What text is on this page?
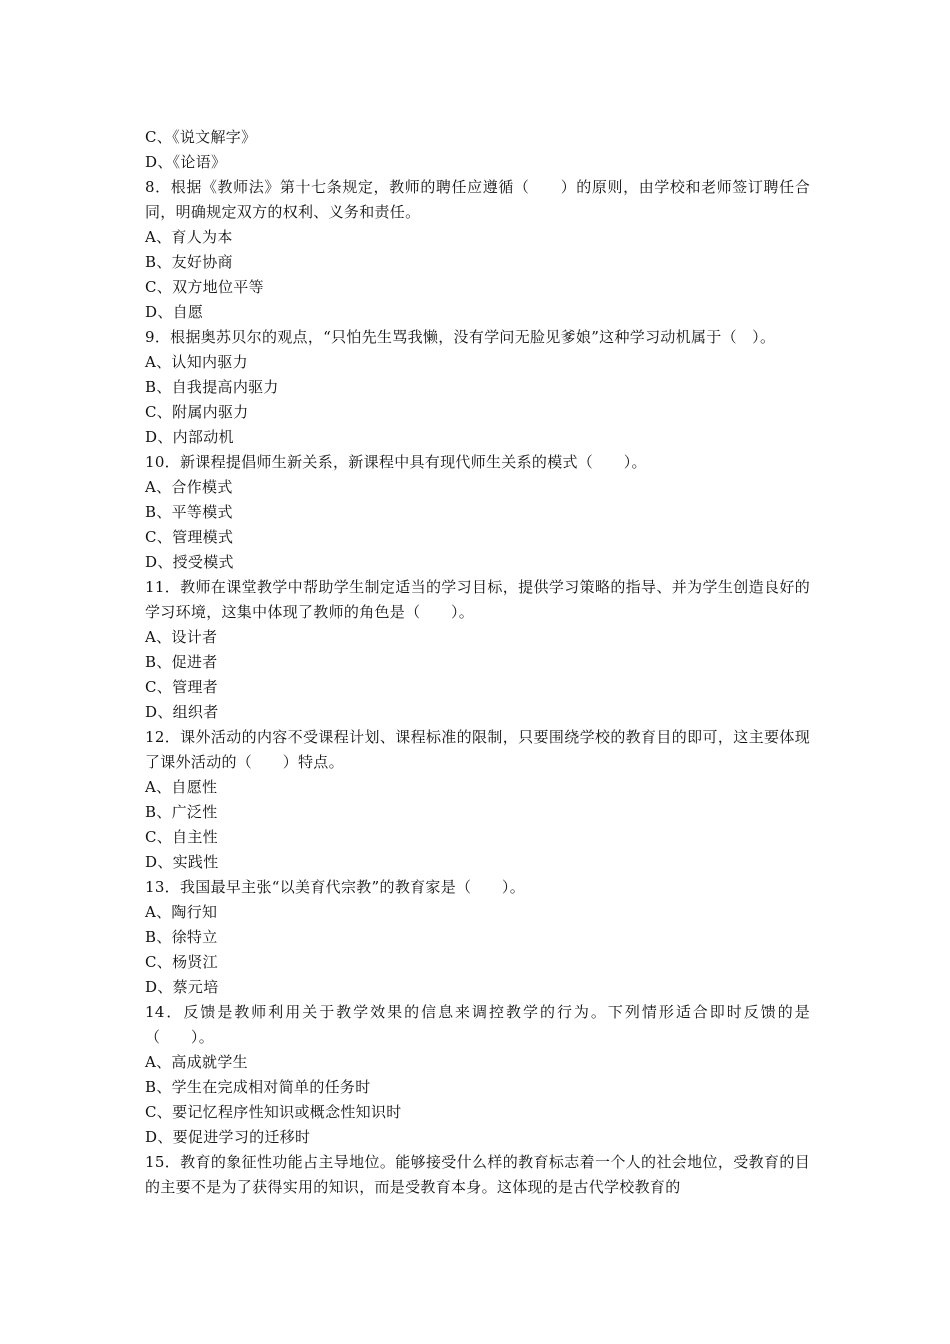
C、《说文解字》
D、《论语》
8．根据《教师法》第十七条规定，教师的聘任应遵循（　　）的原则，由学校和老师签订聘任合同，明确规定双方的权利、义务和责任。
A、育人为本
B、友好协商
C、双方地位平等
D、自愿
9．根据奥苏贝尔的观点，“只怕先生骂我懒，没有学问无脸见爹娘”这种学习动机属于（　）。
A、认知内驱力
B、自我提高内驱力
C、附属内驱力
D、内部动机
10．新课程提倡师生新关系，新课程中具有现代师生关系的模式（　　）。
A、合作模式
B、平等模式
C、管理模式
D、授受模式
11．教师在课堂教学中帮助学生制定适当的学习目标，提供学习策略的指导、并为学生创造良好的学习环境，这集中体现了教师的角色是（　　）。
A、设计者
B、促进者
C、管理者
D、组织者
12．课外活动的内容不受课程计划、课程标准的限制，只要围绕学校的教育目的即可，这主要体现了课外活动的（　　）特点。
A、自愿性
B、广泛性
C、自主性
D、实践性
13．我国最早主张“以美育代宗教”的教育家是（　　）。
A、陶行知
B、徐特立
C、杨贤江
D、蔡元培
14．反馈是教师利用关于教学效果的信息来调控教学的行为。下列情形适合即时反馈的是（　　）。
A、高成就学生
B、学生在完成相对简单的任务时
C、要记忆程序性知识或概念性知识时
D、要促进学习的迁移时
15．教育的象征性功能占主导地位。能够接受什么样的教育标志着一个人的社会地位，受教育的目的主要不是为了获得实用的知识，而是受教育本身。这体现的是古代学校教育的
